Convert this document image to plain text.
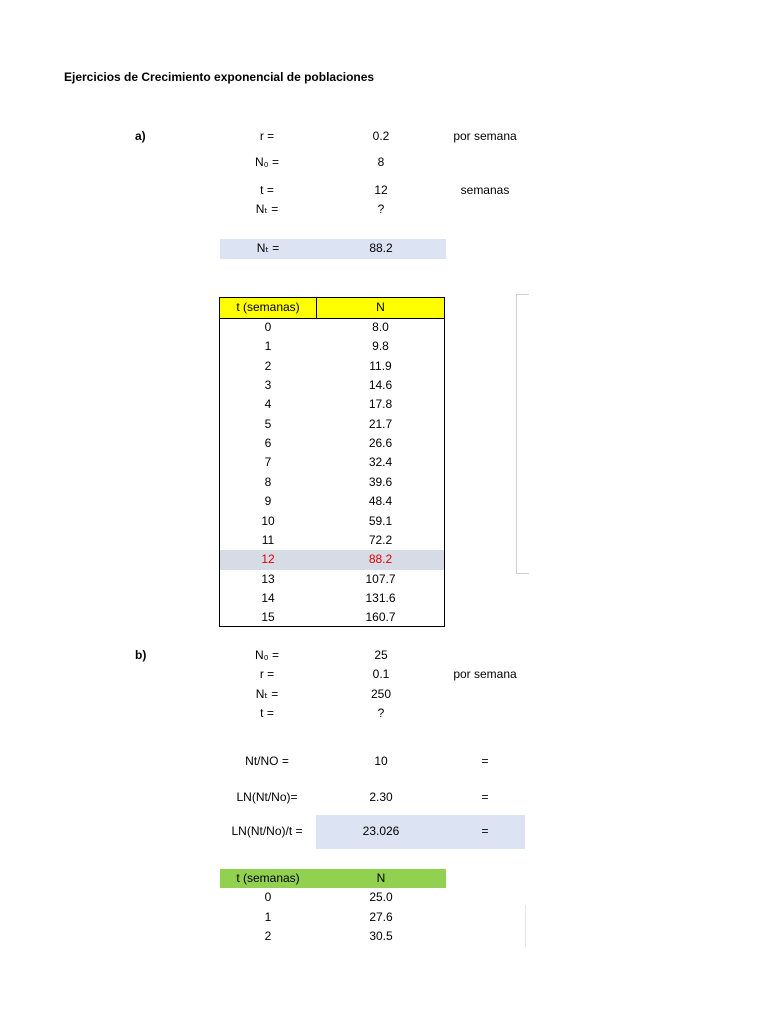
Ejercicios de Crecimiento exponencial de poblaciones
a)	r =	0.2	por semana
N₀ =	8
t =	12	semanas
Nₜ =	?
Nₜ =	88.2
t (semanas)	N
0	8.0
1	9.8
2	11.9
3	14.6
4	17.8
5	21.7
6	26.6
7	32.4
8	39.6
9	48.4
10	59.1
11	72.2
12	88.2
13	107.7
14	131.6
15	160.7
b)	N₀ =	25
r =	0.1	por semana
Nₜ =	250
t =	?
Nt/NO =	10	=
LN(Nt/No)=	2.30	=
LN(Nt/No)/t =	23.026	=
t (semanas)	N
0	25.0
1	27.6
2	30.5
